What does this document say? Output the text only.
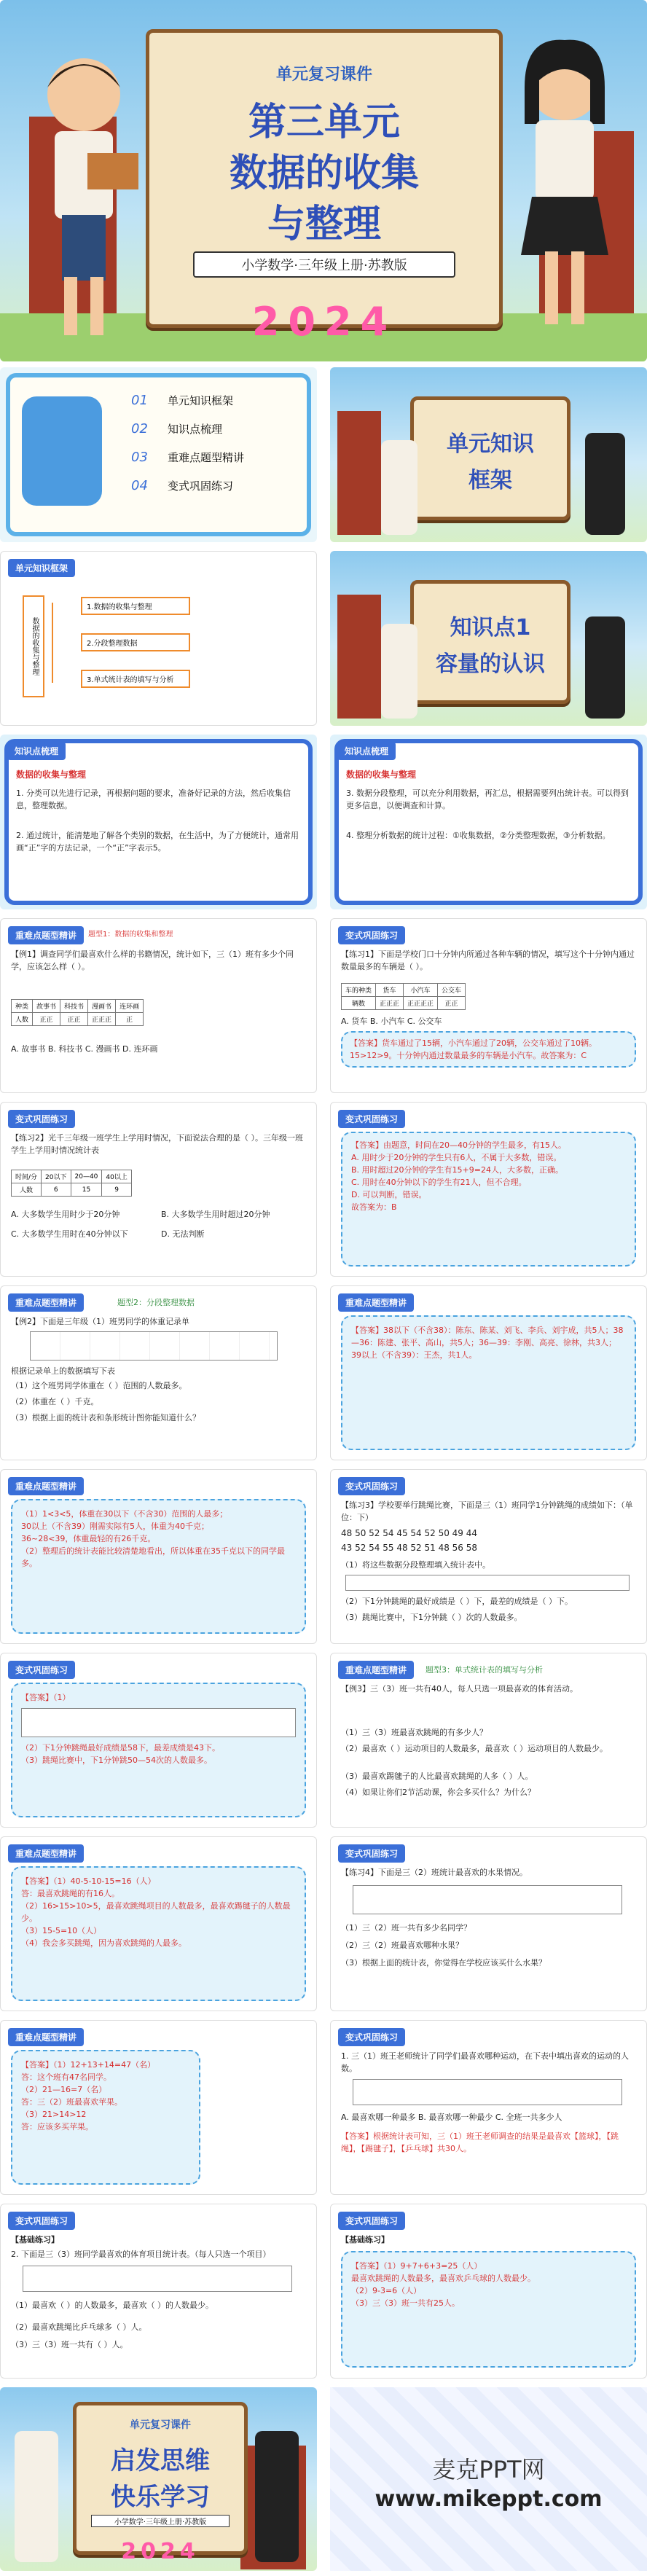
单元复习课件
第三单元
数据的收集
与整理
小学数学·三年级上册·苏教版
2024
01	单元知识框架
02	知识点梳理
03	重难点题型精讲
04	变式巩固练习
单元知识
框架
单元知识框架
数据的收集与整理
1.数据的收集与整理
2.分段整理数据
3.单式统计表的填写与分析
知识点1
容量的认识
知识点梳理
数据的收集与整理
1. 分类可以先进行记录，再根据问题的要求，准备好记录的方法，然后收集信息，整理数据。
2. 通过统计，能清楚地了解各个类别的数据，在生活中，为了方便统计，通常用画“正”字的方法记录，一个“正”字表示5。
知识点梳理
数据的收集与整理
3. 数据分段整理，可以充分利用数据，再汇总，根据需要列出统计表。可以得到更多信息，以便调查和计算。
4. 整理分析数据的统计过程：①收集数据，②分类整理数据，③分析数据。
重难点题型精讲	题型1：数据的收集和整理
【例1】调查同学们最喜欢什么样的书籍情况，统计如下，三（1）班有多少个同学，应该怎么样（ ）。
种类	故事书	科技书	漫画书	连环画
人数	正正	正正	正正正	正
A. 故事书 B. 科技书 C. 漫画书 D. 连环画
变式巩固练习
【练习1】下面是学校门口十分钟内所通过各种车辆的情况，填写这个十分钟内通过数量最多的车辆是（ ）。
车的种类	货车	小汽车	公交车
辆数	正正正	正正正正	正正
A. 货车 B. 小汽车 C. 公交车
【答案】货车通过了15辆，小汽车通过了20辆，公交车通过了10辆。15>12>9。十分钟内通过数量最多的车辆是小汽车。故答案为：C
变式巩固练习
【练习2】光千三年级一班学生上学用时情况，下面说法合理的是（ ）。三年级一班学生上学用时情况统计表
时间/分	20以下	20—40	40以上
人数	6	15	9
A. 大多数学生用时少于20分钟	B. 大多数学生用时超过20分钟
C. 大多数学生用时在40分钟以下	D. 无法判断
变式巩固练习
【答案】由题意，时间在20—40分钟的学生最多，有15人。
A. 用时少于20分钟的学生只有6人，不属于大多数，错误。
B. 用时超过20分钟的学生有15+9=24人，大多数，正确。
C. 用时在40分钟以下的学生有21人，但不合理。
D. 可以判断，错误。
故答案为：B
重难点题型精讲	题型2：分段整理数据
【例2】下面是三年级（1）班男同学的体重记录单
根据记录单上的数据填写下表
（1）这个班男同学体重在（ ）范围的人数最多。
（2）体重在（ ）千克。
（3）根据上面的统计表和条形统计图你能知道什么？
重难点题型精讲
【答案】38以下（不含38）：陈东、陈某、刘飞、李兵、刘宇成，共5人；38—36：陈建、张平、高山，共5人；36—39：李刚、高亮、徐林，共3人；39以上（不含39）：王杰，共1人。
重难点题型精讲
（1）1<3<5，体重在30以下（不含30）范围的人最多；
30以上（不含39）刚需实际有5人，体重为40千克；
36~28<39，体重最轻的有26千克。
（2）整理后的统计表能比较清楚地看出，所以体重在35千克以下的同学最多。
变式巩固练习
【练习3】学校要举行跳绳比赛，下面是三（1）班同学1分钟跳绳的成绩如下：（单位：下）
48 50 52 54 45 54 52 50 49 44
43 52 54 55 48 52 51 48 56 58
（1）将这些数据分段整理填入统计表中。
（2）下1分钟跳绳的最好成绩是（ ）下，最差的成绩是（ ）下。
（3）跳绳比赛中，下1分钟跳（ ）次的人数最多。
变式巩固练习
【答案】（1）
（2）下1分钟跳绳最好成绩是58下，最差成绩是43下。
（3）跳绳比赛中，下1分钟跳50—54次的人数最多。
重难点题型精讲	题型3：单式统计表的填写与分析
【例3】三（3）班一共有40人，每人只选一项最喜欢的体育活动。
（1）三（3）班最喜欢跳绳的有多少人？
（2）最喜欢（ ）运动项目的人数最多，最喜欢（ ）运动项目的人数最少。
（3）最喜欢踢毽子的人比最喜欢跳绳的人多（ ）人。
（4）如果让你们2节活动课，你会多买什么？为什么？
重难点题型精讲
【答案】（1）40-5-10-15=16（人）
答：最喜欢跳绳的有16人。
（2）16>15>10>5，最喜欢跳绳项目的人数最多，最喜欢踢毽子的人数最少。
（3）15-5=10（人）
（4）我会多买跳绳，因为喜欢跳绳的人最多。
变式巩固练习
【练习4】下面是三（2）班统计最喜欢的水果情况。
（1）三（2）班一共有多少名同学？
（2）三（2）班最喜欢哪种水果？
（3）根据上面的统计表，你觉得在学校应该买什么水果？
重难点题型精讲
【答案】（1）12+13+14=47（名）
答：这个班有47名同学。
（2）21—16=7（名）
答：三（2）班最喜欢苹果。
（3）21>14>12
答：应该多买苹果。
变式巩固练习
1. 三（1）班王老师统计了同学们最喜欢哪种运动，在下表中填出喜欢的运动的人数。
A. 最喜欢哪一种最多 B. 最喜欢哪一种最少 C. 全班一共多少人
【答案】根据统计表可知，三（1）班王老师调查的结果是最喜欢【篮球】，【跳绳】，【踢毽子】，【乒乓球】共30人。
变式巩固练习
【基础练习】
2. 下面是三（3）班同学最喜欢的体育项目统计表。（每人只选一个项目）
（1）最喜欢（ ）的人数最多，最喜欢（ ）的人数最少。
（2）最喜欢跳绳比乒乓球多（ ）人。
（3）三（3）班一共有（ ）人。
变式巩固练习
【基础练习】
【答案】（1）9+7+6+3=25（人）
最喜欢跳绳的人数最多，最喜欢乒乓球的人数最少。
（2）9-3=6（人）
（3）三（3）班一共有25人。
单元复习课件
启发思维
快乐学习
小学数学·三年级上册·苏教版
2024
麦克PPT网
www.mikeppt.com
